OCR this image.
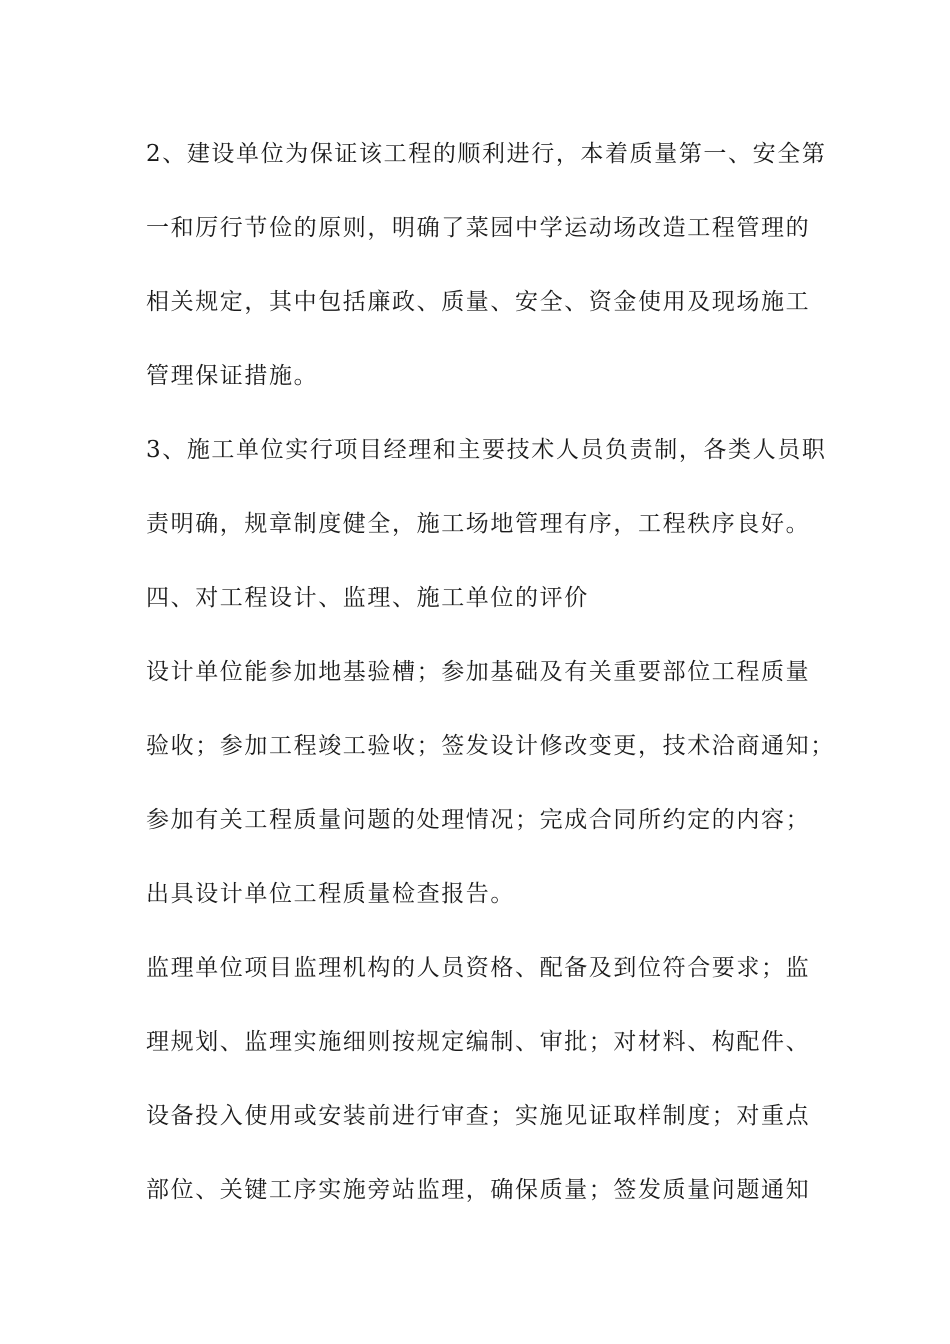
2、建设单位为保证该工程的顺利进行，本着质量第一、安全第
一和厉行节俭的原则，明确了菜园中学运动场改造工程管理的
相关规定，其中包括廉政、质量、安全、资金使用及现场施工
管理保证措施。
3、施工单位实行项目经理和主要技术人员负责制，各类人员职
责明确，规章制度健全，施工场地管理有序，工程秩序良好。
四、对工程设计、监理、施工单位的评价
设计单位能参加地基验槽；参加基础及有关重要部位工程质量
验收；参加工程竣工验收；签发设计修改变更，技术洽商通知；
参加有关工程质量问题的处理情况；完成合同所约定的内容；
出具设计单位工程质量检查报告。
监理单位项目监理机构的人员资格、配备及到位符合要求；监
理规划、监理实施细则按规定编制、审批；对材料、构配件、
设备投入使用或安装前进行审查；实施见证取样制度；对重点
部位、关键工序实施旁站监理，确保质量；签发质量问题通知
